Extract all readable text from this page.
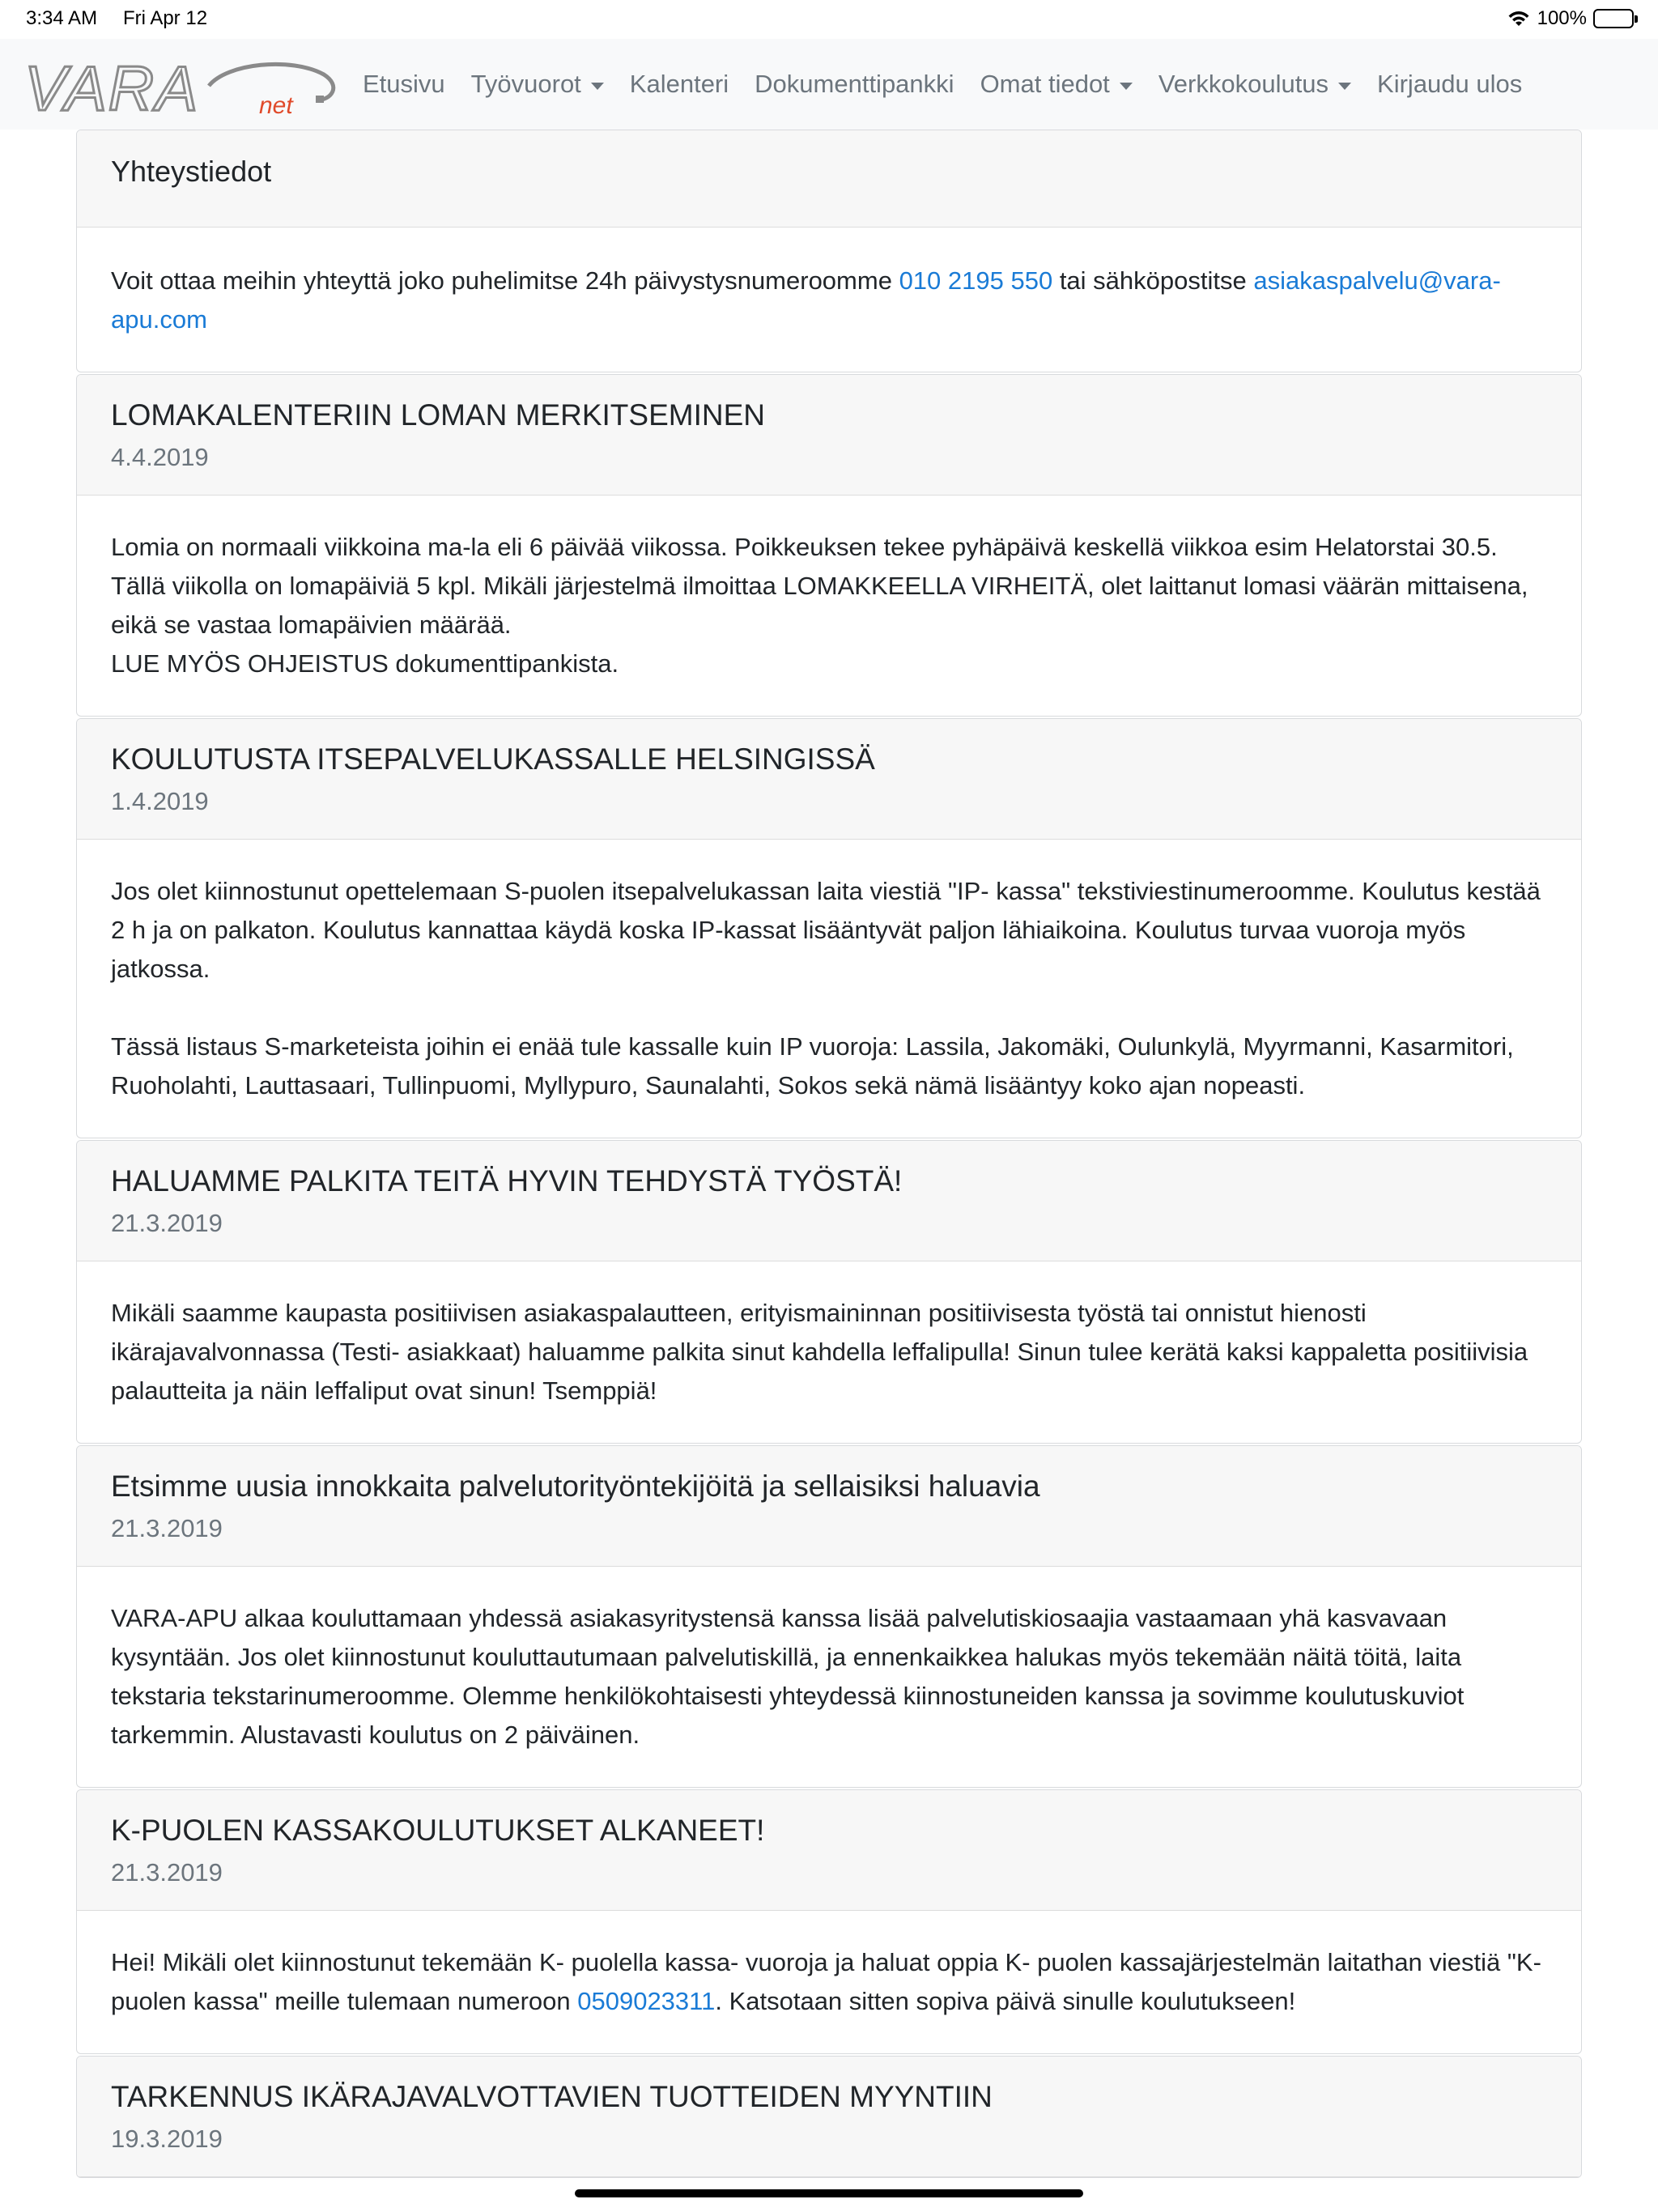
3:34 AM Fri Apr 12	100%
VARA net
Etusivu Työvuorot Kalenteri Dokumenttipankki Omat tiedot Verkkokoulutus Kirjaudu ulos
Yhteystiedot

Voit ottaa meihin yhteyttä joko puhelimitse 24h päivystysnumeroomme 010 2195 550 tai sähköpostitse asiakaspalvelu@vara-apu.com

LOMAKALENTERIIN LOMAN MERKITSEMINEN
4.4.2019

Lomia on normaali viikkoina ma-la eli 6 päivää viikossa. Poikkeuksen tekee pyhäpäivä keskellä viikkoa esim Helatorstai 30.5. Tällä viikolla on lomapäiviä 5 kpl. Mikäli järjestelmä ilmoittaa LOMAKKEELLA VIRHEITÄ, olet laittanut lomasi väärän mittaisena, eikä se vastaa lomapäivien määrää.

LUE MYÖS OHJEISTUS dokumenttipankista.

KOULUTUSTA ITSEPALVELUKASSALLE HELSINGISSÄ
1.4.2019

Jos olet kiinnostunut opettelemaan S-puolen itsepalvelukassan laita viestiä "IP- kassa" tekstiviestinumeroomme. Koulutus kestää 2 h ja on palkaton. Koulutus kannattaa käydä koska IP-kassat lisääntyvät paljon lähiaikoina. Koulutus turvaa vuoroja myös jatkossa.

Tässä listaus S-marketeista joihin ei enää tule kassalle kuin IP vuoroja: Lassila, Jakomäki, Oulunkylä, Myyrmanni, Kasarmitori, Ruoholahti, Lauttasaari, Tullinpuomi, Myllypuro, Saunalahti, Sokos sekä nämä lisääntyy koko ajan nopeasti.

HALUAMME PALKITA TEITÄ HYVIN TEHDYSTÄ TYÖSTÄ!
21.3.2019

Mikäli saamme kaupasta positiivisen asiakaspalautteen, erityismaininnan positiivisesta työstä tai onnistut hienosti ikärajavalvonnassa (Testi- asiakkaat) haluamme palkita sinut kahdella leffalipulla! Sinun tulee kerätä kaksi kappaletta positiivisia palautteita ja näin leffaliput ovat sinun! Tsemppiä!

Etsimme uusia innokkaita palvelutorityöntekijöitä ja sellaisiksi haluavia
21.3.2019

VARA-APU alkaa kouluttamaan yhdessä asiakasyritystensä kanssa lisää palvelutiskiosaajia vastaamaan yhä kasvavaan kysyntään. Jos olet kiinnostunut kouluttautumaan palvelutiskillä, ja ennenkaikkea halukas myös tekemään näitä töitä, laita tekstaria tekstarinumeroomme. Olemme henkilökohtaisesti yhteydessä kiinnostuneiden kanssa ja sovimme koulutuskuviot tarkemmin. Alustavasti koulutus on 2 päiväinen.

K-PUOLEN KASSAKOULUTUKSET ALKANEET!
21.3.2019

Hei! Mikäli olet kiinnostunut tekemään K- puolella kassa- vuoroja ja haluat oppia K- puolen kassajärjestelmän laitathan viestiä "K-puolen kassa" meille tulemaan numeroon 0509023311. Katsotaan sitten sopiva päivä sinulle koulutukseen!

TARKENNUS IKÄRAJAVALVOTTAVIEN TUOTTEIDEN MYYNTIIN
19.3.2019
